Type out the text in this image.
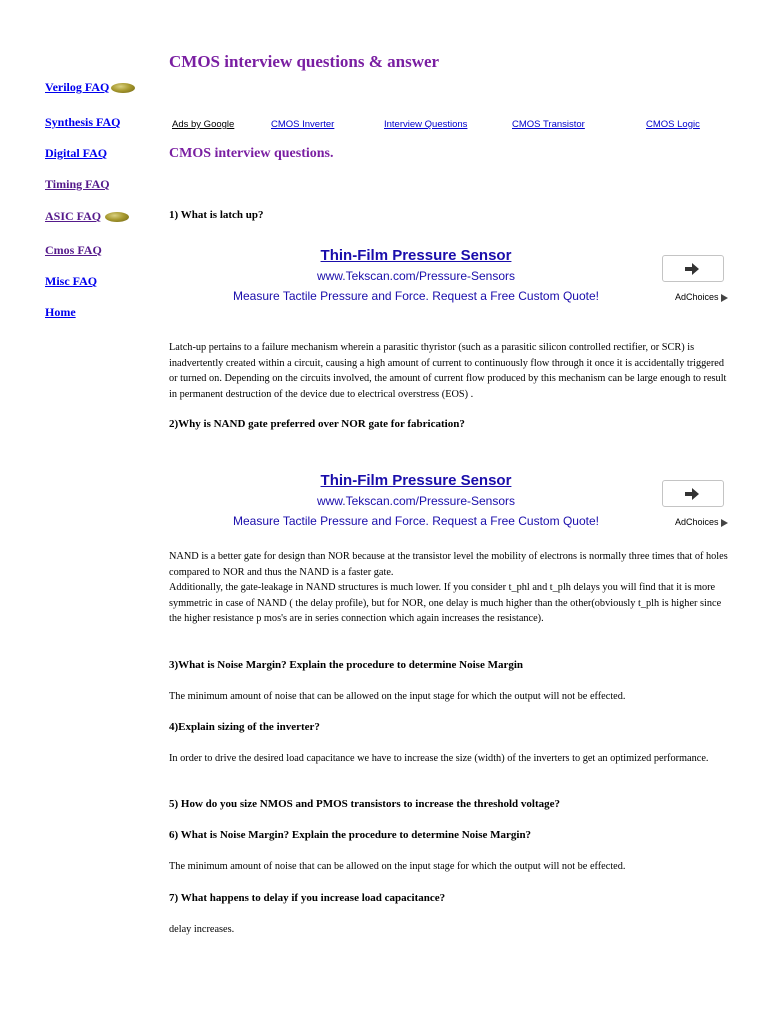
CMOS interview questions & answer
Verilog FAQ
Synthesis FAQ
Digital FAQ
Timing FAQ
ASIC FAQ
Cmos FAQ
Misc FAQ
Home
Ads by Google	CMOS Inverter	Interview Questions	CMOS Transistor	CMOS Logic
CMOS interview questions.
1) What is latch up?
Thin-Film Pressure Sensor
www.Tekscan.com/Pressure-Sensors
Measure Tactile Pressure and Force. Request a Free Custom Quote!	AdChoices
Latch-up pertains to a failure mechanism wherein a parasitic thyristor (such as a parasitic silicon controlled rectifier, or SCR) is inadvertently created within a circuit, causing a high amount of current to continuously flow through it once it is accidentally triggered or turned on. Depending on the circuits involved, the amount of current flow produced by this mechanism can be large enough to result in permanent destruction of the device due to electrical overstress (EOS) .
2)Why is NAND gate preferred over NOR gate for fabrication?
Thin-Film Pressure Sensor
www.Tekscan.com/Pressure-Sensors
Measure Tactile Pressure and Force. Request a Free Custom Quote!	AdChoices
NAND is a better gate for design than NOR because at the transistor level the mobility of electrons is normally three times that of holes compared to NOR and thus the NAND is a faster gate.
Additionally, the gate-leakage in NAND structures is much lower. If you consider t_phl and t_plh delays you will find that it is more symmetric in case of NAND ( the delay profile), but for NOR, one delay is much higher than the other(obviously t_plh is higher since the higher resistance p mos's are in series connection which again increases the resistance).
3)What is Noise Margin? Explain the procedure to determine Noise Margin
The minimum amount of noise that can be allowed on the input stage for which the output will not be effected.
4)Explain sizing of the inverter?
In order to drive the desired load capacitance we have to increase the size (width) of the inverters to get an optimized performance.
5) How do you size NMOS and PMOS transistors to increase the threshold voltage?
6) What is Noise Margin? Explain the procedure to determine Noise Margin?
The minimum amount of noise that can be allowed on the input stage for which the output will not be effected.
7) What happens to delay if you increase load capacitance?
delay increases.
